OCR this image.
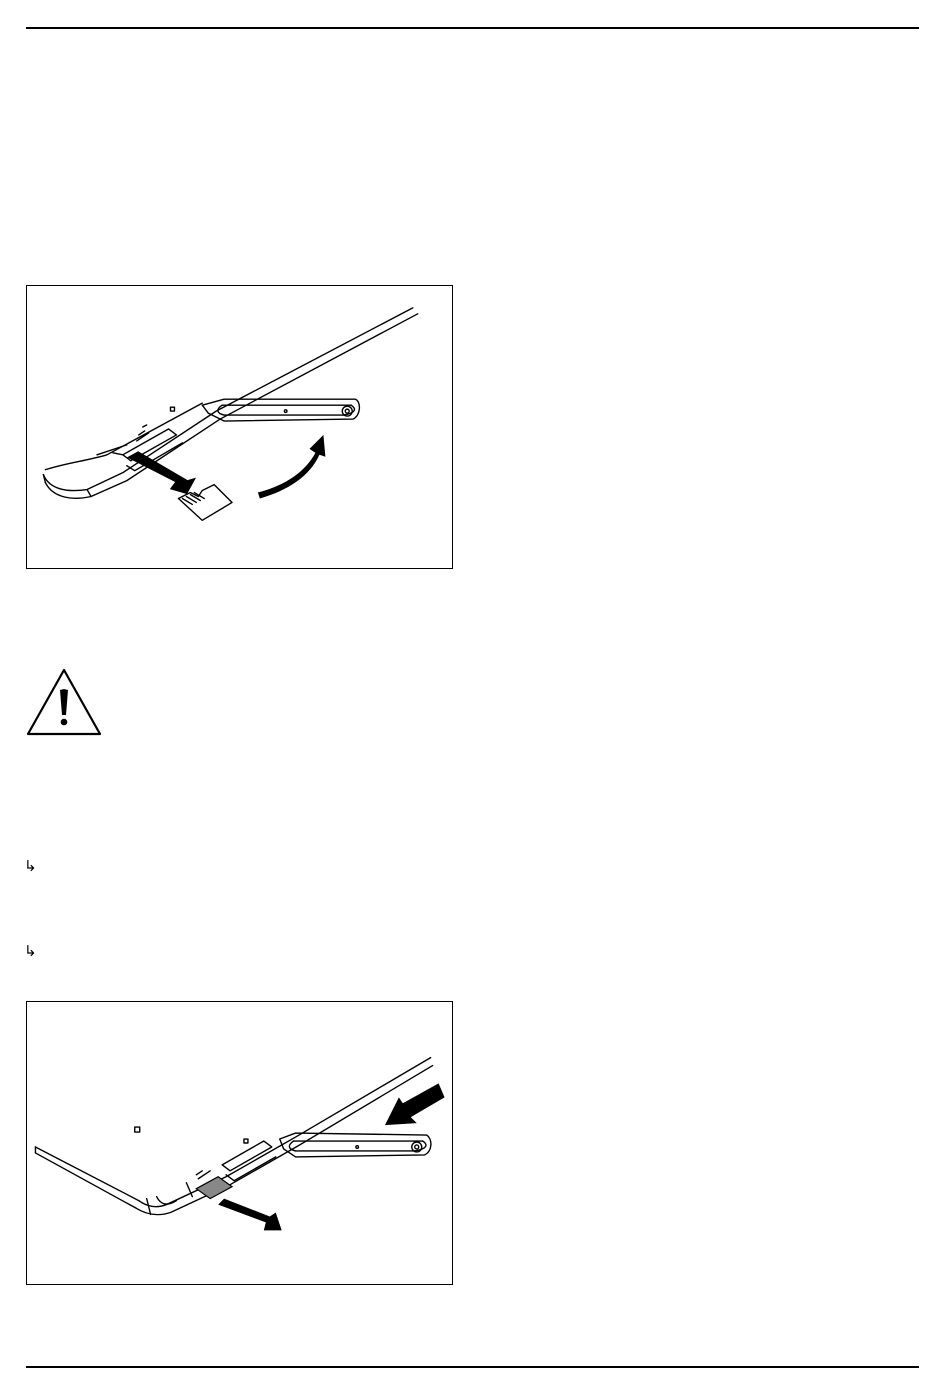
↳
↳
